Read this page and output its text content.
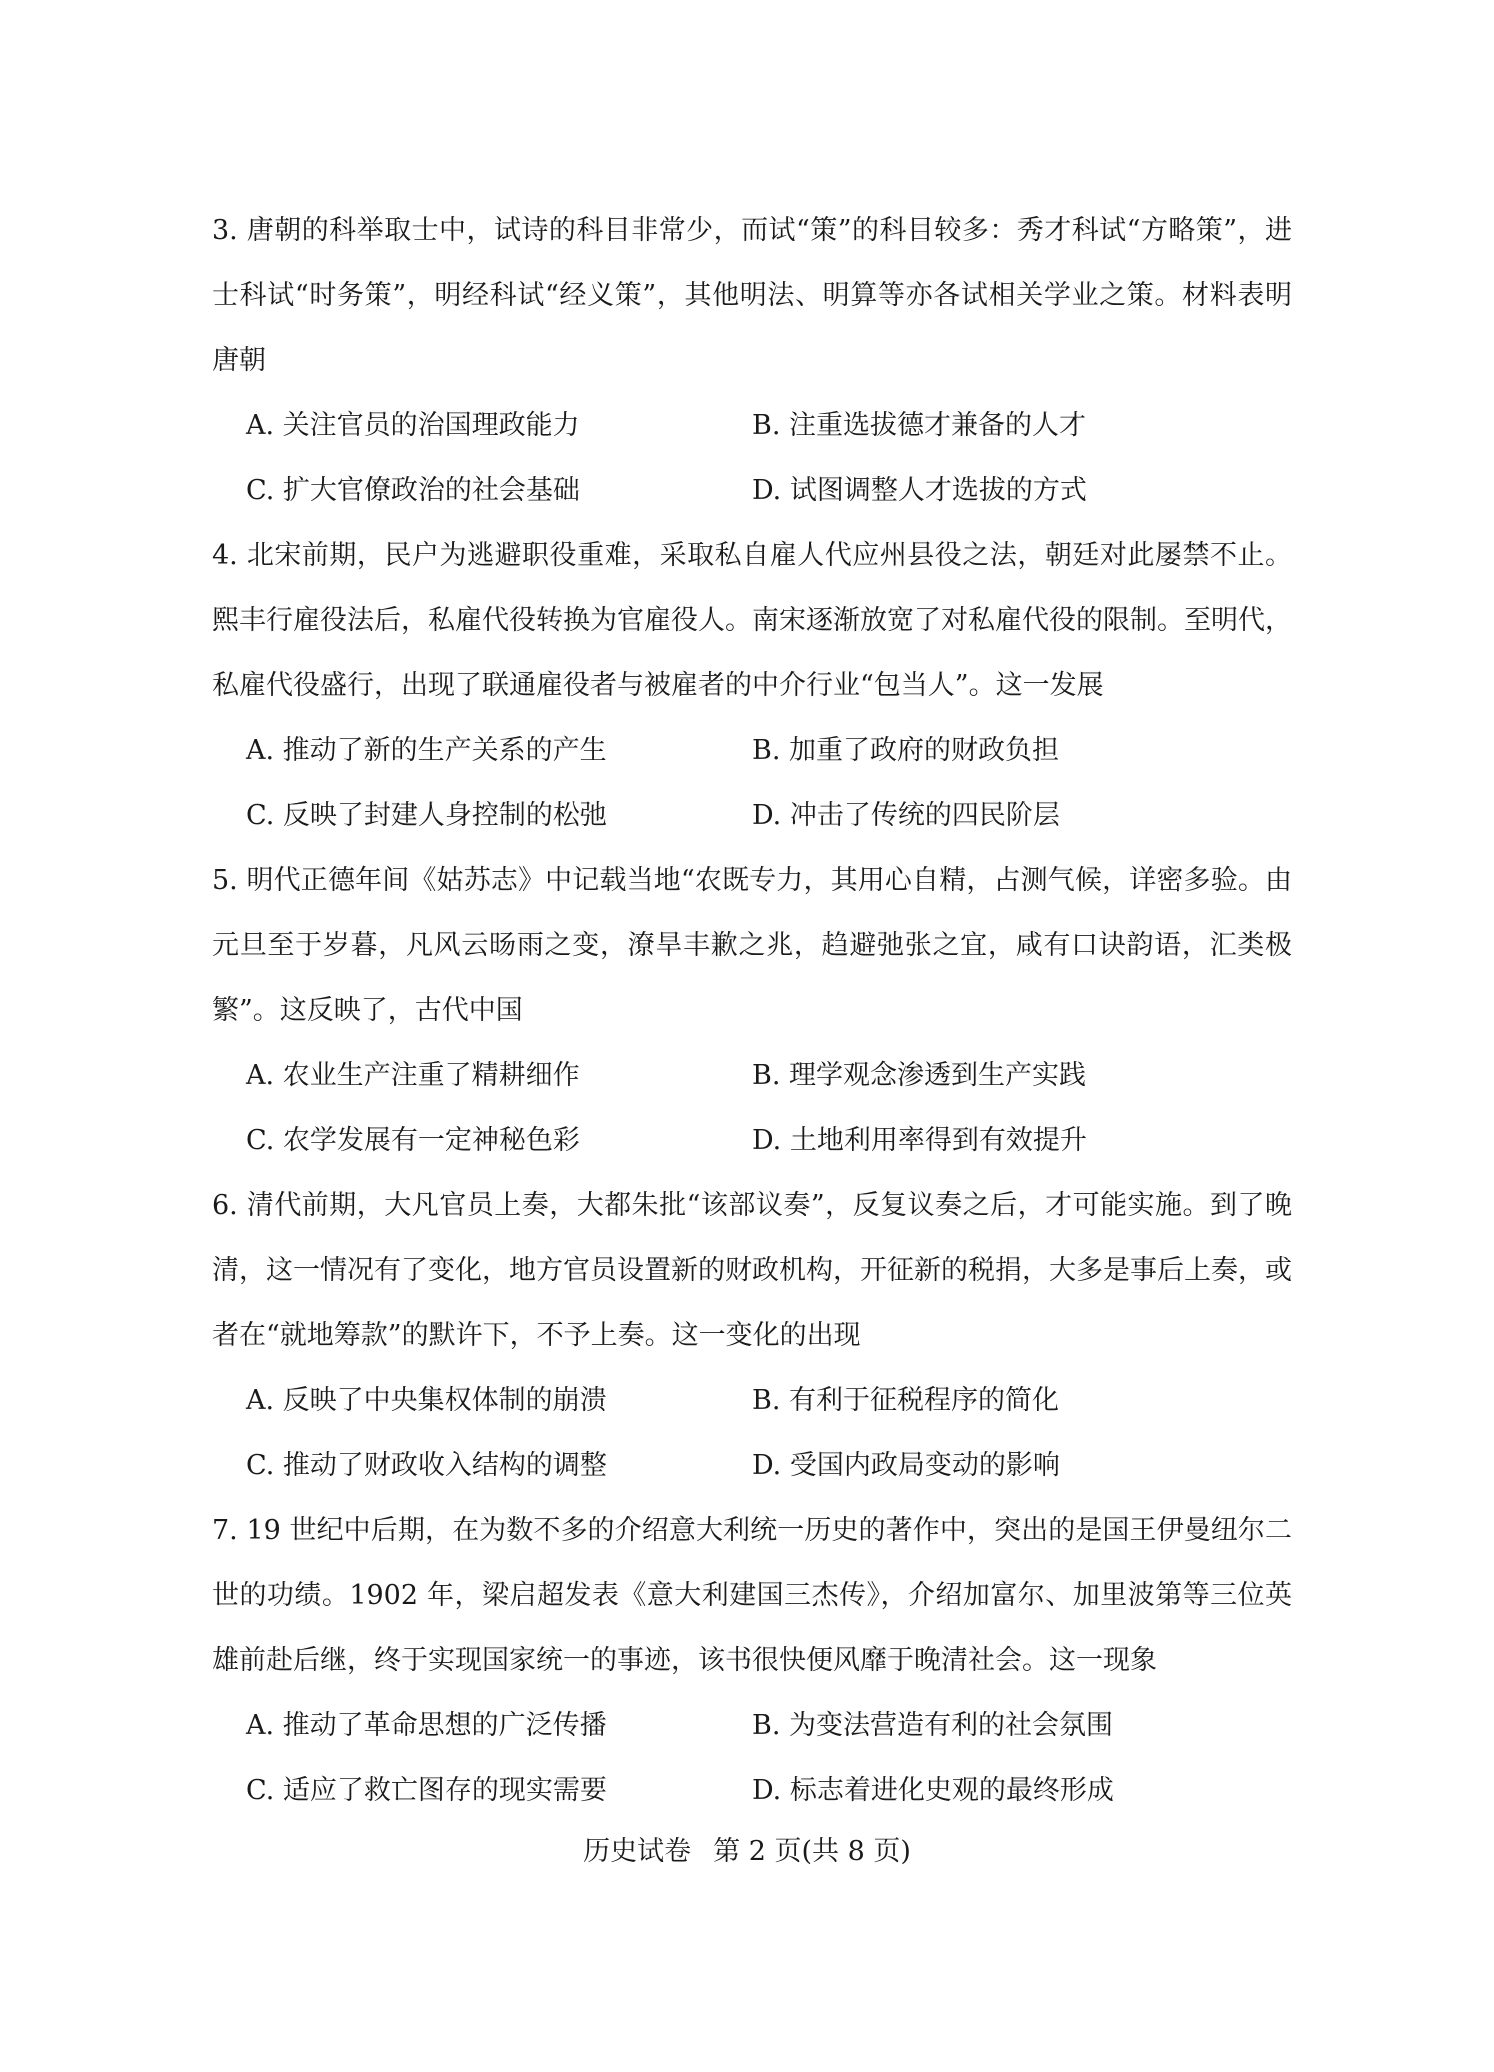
3. 唐朝的科举取士中，试诗的科目非常少，而试“策”的科目较多：秀才科试“方略策”，进士科试“时务策”，明经科试“经义策”，其他明法、明算等亦各试相关学业之策。材料表明唐朝

A. 关注官员的治国理政能力	B. 注重选拔德才兼备的人才
C. 扩大官僚政治的社会基础	D. 试图调整人才选拔的方式

4. 北宋前期，民户为逃避职役重难，采取私自雇人代应州县役之法，朝廷对此屡禁不止。熙丰行雇役法后，私雇代役转换为官雇役人。南宋逐渐放宽了对私雇代役的限制。至明代，私雇代役盛行，出现了联通雇役者与被雇者的中介行业“包当人”。这一发展

A. 推动了新的生产关系的产生	B. 加重了政府的财政负担
C. 反映了封建人身控制的松弛	D. 冲击了传统的四民阶层

5. 明代正德年间《姑苏志》中记载当地“农既专力，其用心自精，占测气候，详密多验。由元旦至于岁暮，凡风云旸雨之变，潦旱丰歉之兆，趋避弛张之宜，咸有口诀韵语，汇类极繁”。这反映了，古代中国

A. 农业生产注重了精耕细作	B. 理学观念渗透到生产实践
C. 农学发展有一定神秘色彩	D. 土地利用率得到有效提升

6. 清代前期，大凡官员上奏，大都朱批“该部议奏”，反复议奏之后，才可能实施。到了晚清，这一情况有了变化，地方官员设置新的财政机构，开征新的税捐，大多是事后上奏，或者在“就地筹款”的默许下，不予上奏。这一变化的出现

A. 反映了中央集权体制的崩溃	B. 有利于征税程序的简化
C. 推动了财政收入结构的调整	D. 受国内政局变动的影响

7. 19 世纪中后期，在为数不多的介绍意大利统一历史的著作中，突出的是国王伊曼纽尔二世的功绩。1902 年，梁启超发表《意大利建国三杰传》，介绍加富尔、加里波第等三位英雄前赴后继，终于实现国家统一的事迹，该书很快便风靡于晚清社会。这一现象

A. 推动了革命思想的广泛传播	B. 为变法营造有利的社会氛围
C. 适应了救亡图存的现实需要	D. 标志着进化史观的最终形成
历史试卷 第 2 页(共 8 页)
